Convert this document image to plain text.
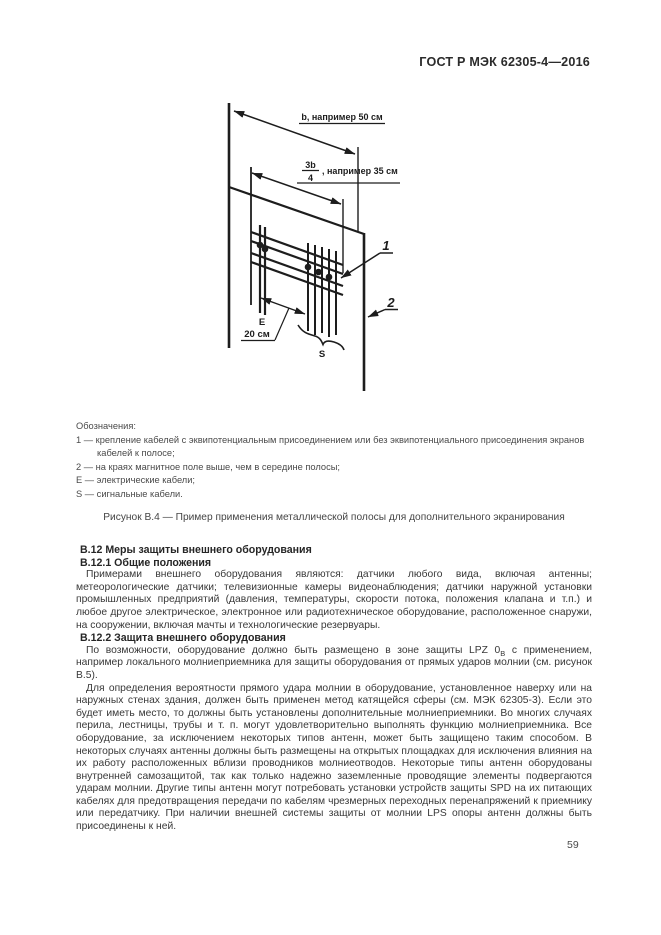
ГОСТ Р МЭК 62305-4—2016
b, например 50 см
3b
4
, например 35 см
20 см
Е
S
1
2
Обозначения:
1 — крепление кабелей с эквипотенциальным присоединением или без эквипотенциального присоединения экранов кабелей к полосе;
2 — на краях магнитное поле выше, чем в середине полосы;
Е — электрические кабели;
S — сигнальные кабели.
Рисунок В.4 — Пример применения металлической полосы для дополнительного экранирования
В.12 Меры защиты внешнего оборудования
В.12.1 Общие положения

Примерами внешнего оборудования являются: датчики любого вида, включая антенны; метеорологические датчики; телевизионные камеры видеонаблюдения; датчики наружной установки промышленных предприятий (давления, температуры, скорости потока, положения клапана и т.п.) и любое другое электрическое, электронное или радиотехническое оборудование, расположенное снаружи, на сооружении, включая мачты и технологические резервуары.

В.12.2 Защита внешнего оборудования

По возможности, оборудование должно быть размещено в зоне защиты LPZ $0_B$ с применением, например локального молниеприемника для защиты оборудования от прямых ударов молнии (см. рисунок В.5).

Для определения вероятности прямого удара молнии в оборудование, установленное наверху или на наружных стенах здания, должен быть применен метод катящейся сферы (см. МЭК 62305-3). Если это будет иметь место, то должны быть установлены дополнительные молниеприемники. Во многих случаях перила, лестницы, трубы и т. п. могут удовлетворительно выполнять функцию молниеприемника. Все оборудование, за исключением некоторых типов антенн, может быть защищено таким способом. В некоторых случаях антенны должны быть размещены на открытых площадках для исключения влияния на их работу расположенных вблизи проводников молниеотводов. Некоторые типы антенн оборудованы внутренней самозащитой, так как только надежно заземленные проводящие элементы подвергаются ударам молнии. Другие типы антенн могут потребовать установки устройств защиты SPD на их питающих кабелях для предотвращения передачи по кабелям чрезмерных переходных перенапряжений к приемнику или передатчику. При наличии внешней системы защиты от молнии LPS опоры антенн должны быть присоединены к ней.

59
